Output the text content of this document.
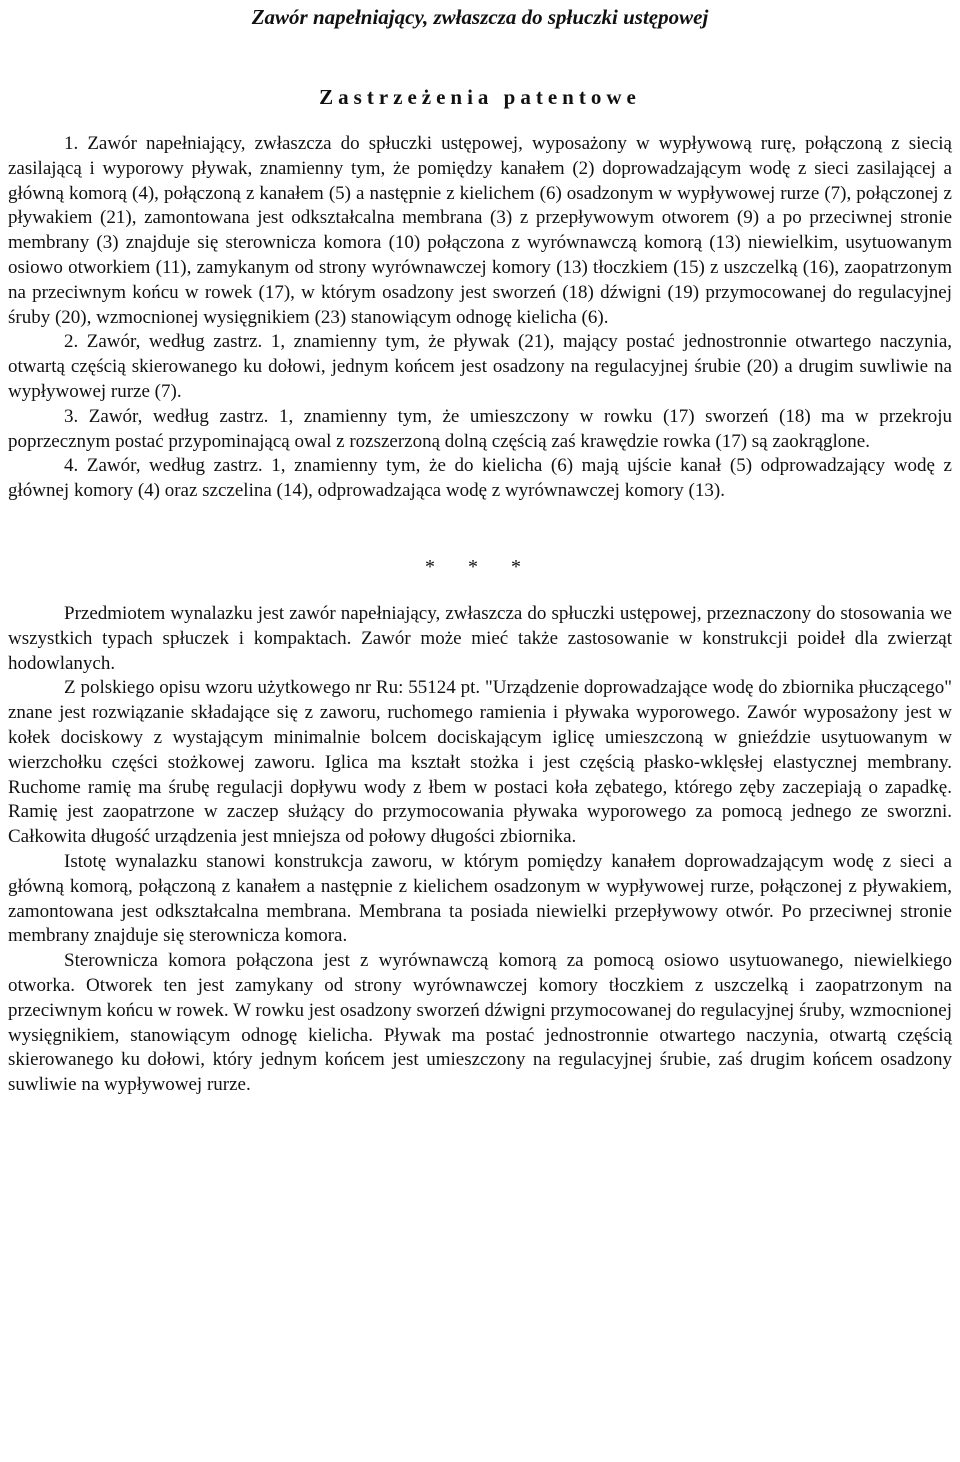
Zawór napełniający, zwłaszcza do spłuczki ustępowej
Zastrzeżenia patentowe

1. Zawór napełniający, zwłaszcza do spłuczki ustępowej, wyposażony w wypływową rurę, połączoną z siecią zasilającą i wyporowy pływak, znamienny tym, że pomiędzy kanałem (2) doprowadzającym wodę z sieci zasilającej a główną komorą (4), połączoną z kanałem (5) a następnie z kielichem (6) osadzonym w wypływowej rurze (7), połączonej z pływakiem (21), zamontowana jest odkształcalna membrana (3) z przepływowym otworem (9) a po przeciwnej stronie membrany (3) znajduje się sterownicza komora (10) połączona z wyrównawczą komorą (13) niewielkim, usytuowanym osiowo otworkiem (11), zamykanym od strony wyrównawczej komory (13) tłoczkiem (15) z uszczelką (16), zaopatrzonym na przeciwnym końcu w rowek (17), w którym osadzony jest sworzeń (18) dźwigni (19) przymocowanej do regulacyjnej śruby (20), wzmocnionej wysięgnikiem (23) stanowiącym odnogę kielicha (6).

2. Zawór, według zastrz. 1, znamienny tym, że pływak (21), mający postać jednostronnie otwartego naczynia, otwartą częścią skierowanego ku dołowi, jednym końcem jest osadzony na regulacyjnej śrubie (20) a drugim suwliwie na wypływowej rurze (7).

3. Zawór, według zastrz. 1, znamienny tym, że umieszczony w rowku (17) sworzeń (18) ma w przekroju poprzecznym postać przypominającą owal z rozszerzoną dolną częścią zaś krawędzie rowka (17) są zaokrąglone.

4. Zawór, według zastrz. 1, znamienny tym, że do kielicha (6) mają ujście kanał (5) odprowadzający wodę z głównej komory (4) oraz szczelina (14), odprowadzająca wodę z wyrównawczej komory (13).

* * *

Przedmiotem wynalazku jest zawór napełniający, zwłaszcza do spłuczki ustępowej, przeznaczony do stosowania we wszystkich typach spłuczek i kompaktach. Zawór może mieć także zastosowanie w konstrukcji poideł dla zwierząt hodowlanych.

Z polskiego opisu wzoru użytkowego nr Ru: 55124 pt. "Urządzenie doprowadzające wodę do zbiornika płuczącego" znane jest rozwiązanie składające się z zaworu, ruchomego ramienia i pływaka wyporowego. Zawór wyposażony jest w kołek dociskowy z wystającym minimalnie bolcem dociskającym iglicę umieszczoną w gnieździe usytuowanym w wierzchołku części stożkowej zaworu. Iglica ma kształt stożka i jest częścią płasko-wklęsłej elastycznej membrany. Ruchome ramię ma śrubę regulacji dopływu wody z łbem w postaci koła zębatego, którego zęby zaczepiają o zapadkę. Ramię jest zaopatrzone w zaczep służący do przymocowania pływaka wyporowego za pomocą jednego ze sworzni. Całkowita długość urządzenia jest mniejsza od połowy długości zbiornika.

Istotę wynalazku stanowi konstrukcja zaworu, w którym pomiędzy kanałem doprowadzającym wodę z sieci a główną komorą, połączoną z kanałem a następnie z kielichem osadzonym w wypływowej rurze, połączonej z pływakiem, zamontowana jest odkształcalna membrana. Membrana ta posiada niewielki przepływowy otwór. Po przeciwnej stronie membrany znajduje się sterownicza komora.

Sterownicza komora połączona jest z wyrównawczą komorą za pomocą osiowo usytuowanego, niewielkiego otworka. Otworek ten jest zamykany od strony wyrównawczej komory tłoczkiem z uszczelką i zaopatrzonym na przeciwnym końcu w rowek. W rowku jest osadzony sworzeń dźwigni przymocowanej do regulacyjnej śruby, wzmocnionej wysięgnikiem, stanowiącym odnogę kielicha. Pływak ma postać jednostronnie otwartego naczynia, otwartą częścią skierowanego ku dołowi, który jednym końcem jest umieszczony na regulacyjnej śrubie, zaś drugim końcem osadzony suwliwie na wypływowej rurze.
